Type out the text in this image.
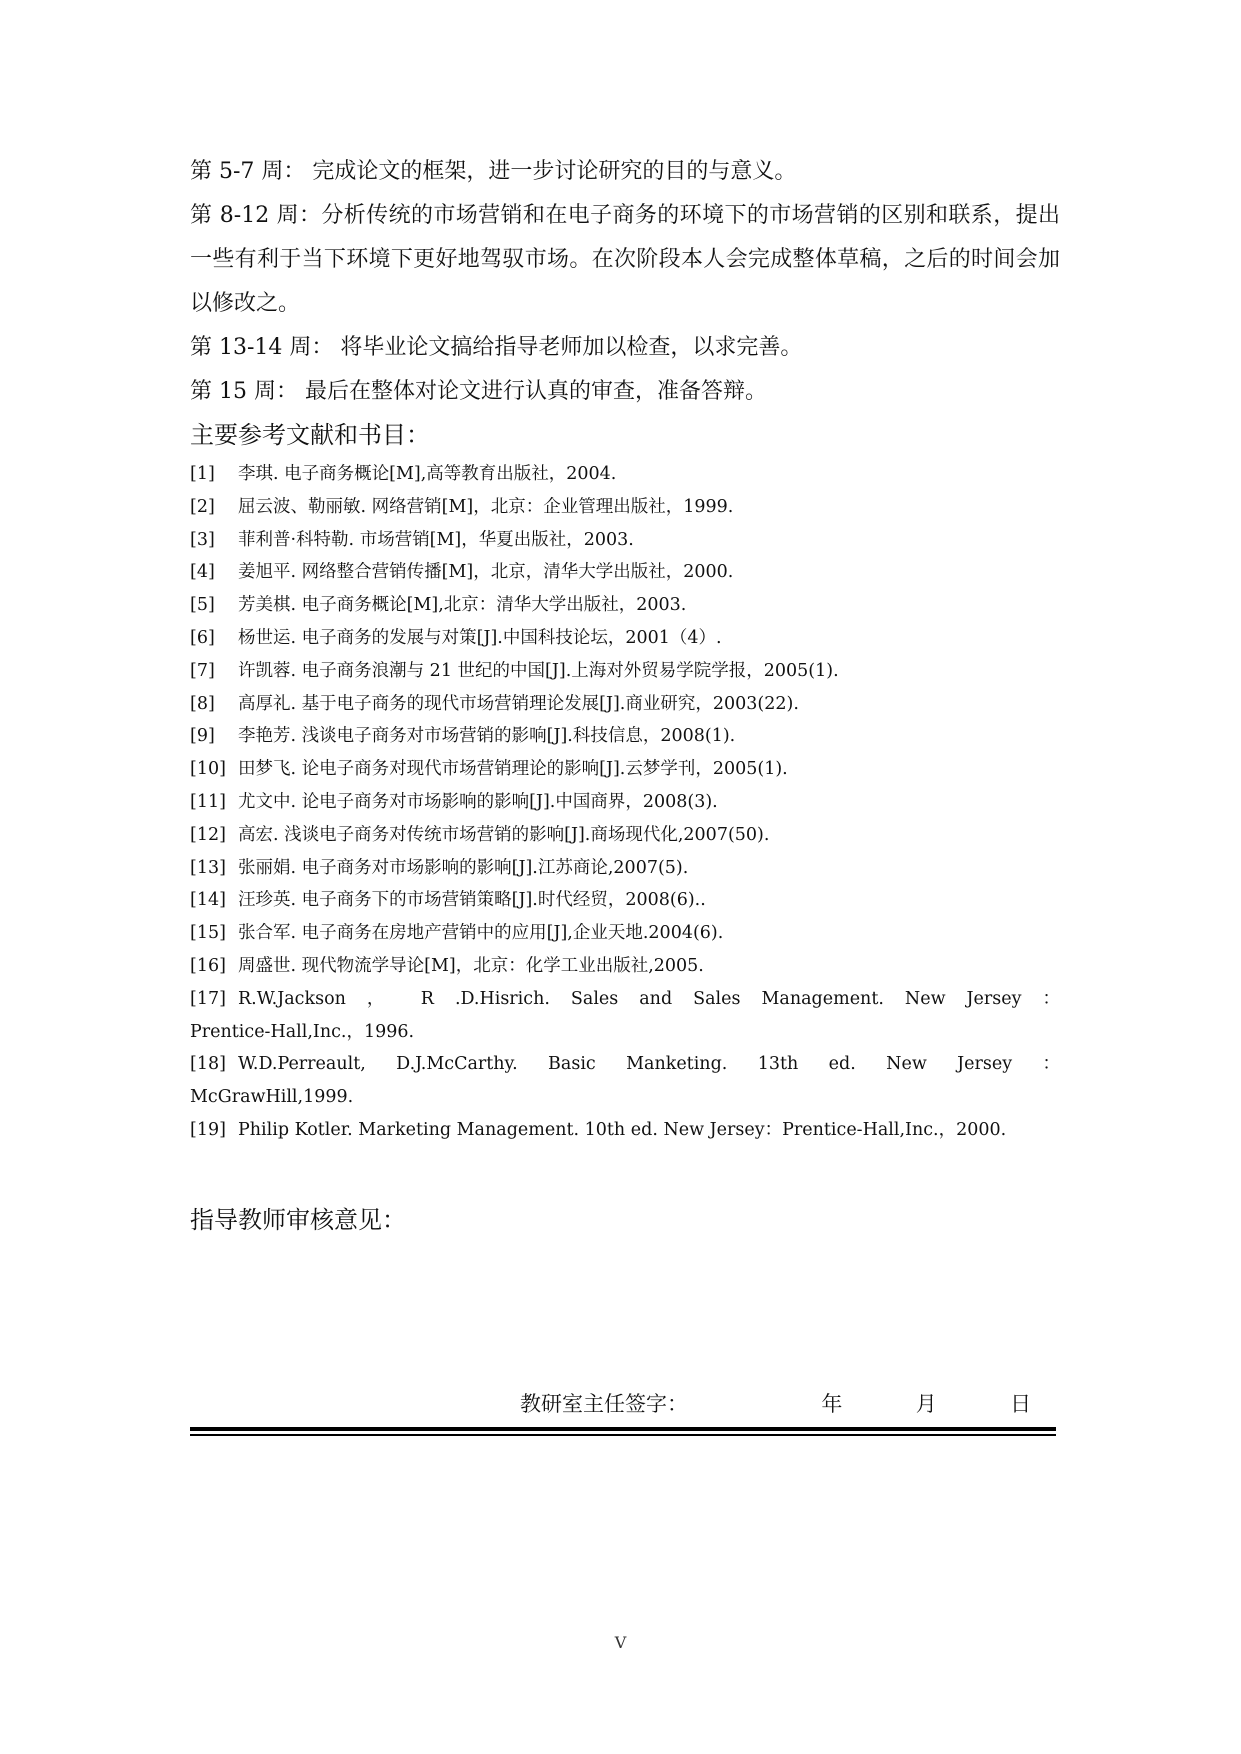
第 5-7 周： 完成论文的框架，进一步讨论研究的目的与意义。

第 8-12 周：分析传统的市场营销和在电子商务的环境下的市场营销的区别和联系，提出一些有利于当下环境下更好地驾驭市场。在次阶段本人会完成整体草稿，之后的时间会加以修改之。

第 13-14 周： 将毕业论文搞给指导老师加以检查，以求完善。

第 15 周： 最后在整体对论文进行认真的审查，准备答辩。

主要参考文献和书目：
[1]	李琪. 电子商务概论[M],高等教育出版社，2004.
[2]	屈云波、勒丽敏. 网络营销[M]，北京：企业管理出版社，1999.
[3]	菲利普·科特勒. 市场营销[M]，华夏出版社，2003.
[4]	姜旭平. 网络整合营销传播[M]，北京，清华大学出版社，2000.
[5]	芳美棋. 电子商务概论[M],北京：清华大学出版社，2003.
[6]	杨世运. 电子商务的发展与对策[J].中国科技论坛，2001（4）.
[7]	许凯蓉. 电子商务浪潮与 21 世纪的中国[J].上海对外贸易学院学报，2005(1).
[8]	高厚礼. 基于电子商务的现代市场营销理论发展[J].商业研究，2003(22).
[9]	李艳芳. 浅谈电子商务对市场营销的影响[J].科技信息，2008(1).
[10] 田梦飞. 论电子商务对现代市场营销理论的影响[J].云梦学刊，2005(1).
[11] 尤文中. 论电子商务对市场影响的影响[J].中国商界，2008(3).
[12] 高宏. 浅谈电子商务对传统市场营销的影响[J].商场现代化,2007(50).
[13] 张丽娟. 电子商务对市场影响的影响[J].江苏商论,2007(5).
[14] 汪珍英. 电子商务下的市场营销策略[J].时代经贸，2008(6)..
[15] 张合军. 电子商务在房地产营销中的应用[J],企业天地.2004(6).
[16] 周盛世. 现代物流学导论[M]，北京：化学工业出版社,2005.
[17] R.W.Jackson ， R .D.Hisrich. Sales and Sales Management. New Jersey ：
Prentice-Hall,Inc.，1996.
[18] W.D.Perreault, D.J.McCarthy. Basic Manketing. 13th ed. New Jersey ：
McGrawHill,1999.
[19] Philip Kotler. Marketing Management. 10th ed. New Jersey：Prentice-Hall,Inc.，2000.
指导教师审核意见：
教研室主任签字：	年	月	日
V
